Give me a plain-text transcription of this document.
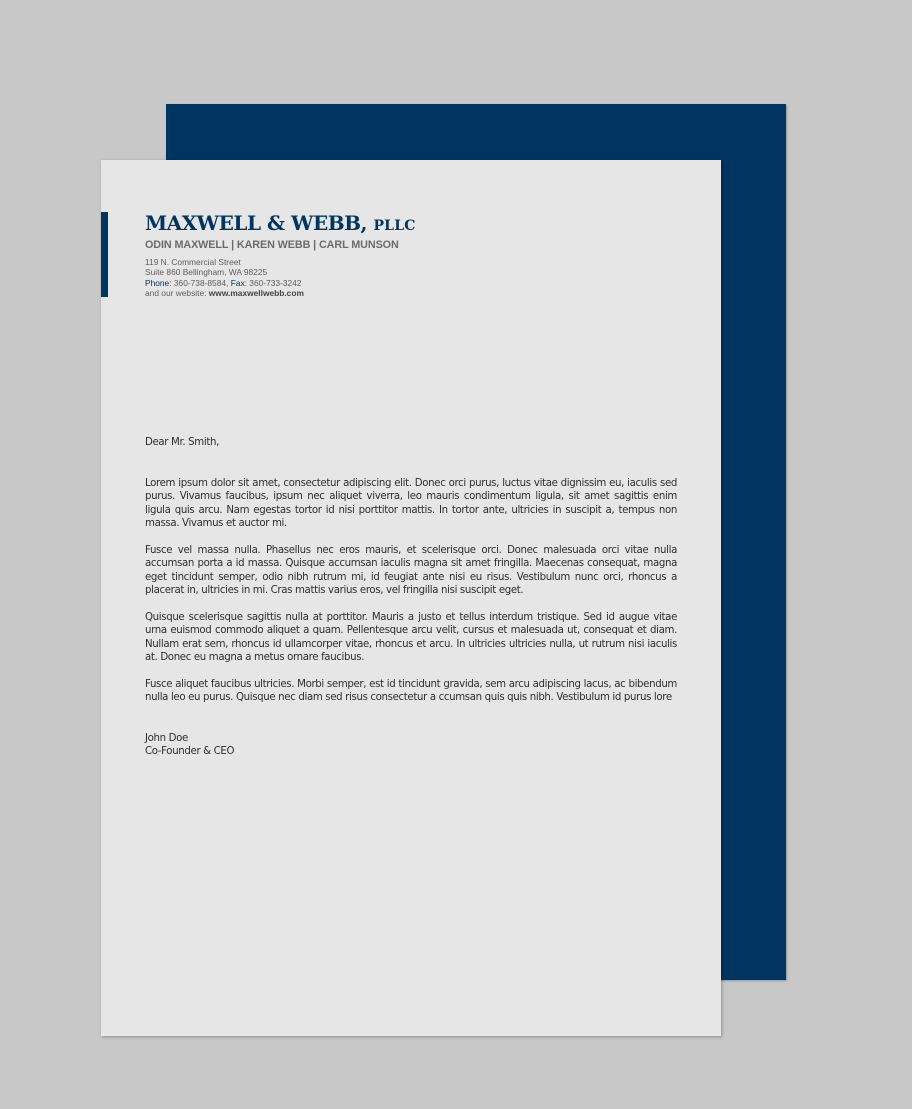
MAXWELL & WEBB, PLLC
ODIN MAXWELL | KAREN WEBB | CARL MUNSON
119 N. Commercial Street
Suite 860 Bellingham, WA 98225
Phone: 360-738-8584, Fax: 360-733-3242
and our website: www.maxwellwebb.com

Dear Mr. Smith,

Lorem ipsum dolor sit amet, consectetur adipiscing elit. Donec orci purus, luctus vitae dignissim eu, iaculis sed purus. Vivamus faucibus, ipsum nec aliquet viverra, leo mauris condimentum ligula, sit amet sagittis enim ligula quis arcu. Nam egestas tortor id nisi porttitor mattis. In tortor ante, ultricies in suscipit a, tempus non massa. Vivamus et auctor mi.

Fusce vel massa nulla. Phasellus nec eros mauris, et scelerisque orci. Donec malesuada orci vitae nulla accumsan porta a id massa. Quisque accumsan iaculis magna sit amet fringilla. Maecenas consequat, magna eget tincidunt semper, odio nibh rutrum mi, id feugiat ante nisi eu risus. Vestibulum nunc orci, rhoncus a placerat in, ultricies in mi. Cras mattis varius eros, vel fringilla nisi suscipit eget.

Quisque scelerisque sagittis nulla at porttitor. Mauris a justo et tellus interdum tristique. Sed id augue vitae urna euismod commodo aliquet a quam. Pellentesque arcu velit, cursus et malesuada ut, consequat et diam. Nullam erat sem, rhoncus id ullamcorper vitae, rhoncus et arcu. In ultricies ultricies nulla, ut rutrum nisi iaculis at. Donec eu magna a metus ornare faucibus.

Fusce aliquet faucibus ultricies. Morbi semper, est id tincidunt gravida, sem arcu adipiscing lacus, ac bibendum nulla leo eu purus. Quisque nec diam sed risus consectetur a ccumsan quis quis nibh. Vestibulum id purus lore

John Doe
Co-Founder & CEO
